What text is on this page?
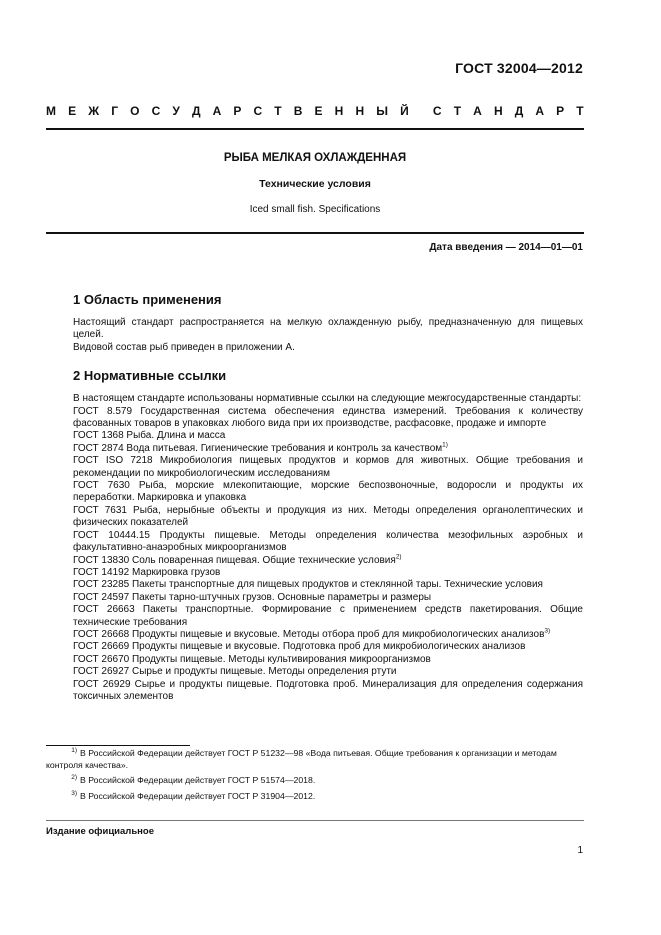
ГОСТ 32004—2012
М Е Ж Г О С У Д А Р С Т В Е Н Н Ы Й С Т А Н Д А Р Т
РЫБА МЕЛКАЯ ОХЛАЖДЕННАЯ
Технические условия
Iced small fish. Specifications
Дата введения — 2014—01—01
1 Область применения

Настоящий стандарт распространяется на мелкую охлажденную рыбу, предназначенную для пищевых целей.

Видовой состав рыб приведен в приложении А.

2 Нормативные ссылки

В настоящем стандарте использованы нормативные ссылки на следующие межгосударственные стандарты:

ГОСТ 8.579 Государственная система обеспечения единства измерений. Требования к количеству фасованных товаров в упаковках любого вида при их производстве, расфасовке, продаже и импорте

ГОСТ 1368 Рыба. Длина и масса

ГОСТ 2874 Вода питьевая. Гигиенические требования и контроль за качеством$^{1)}$

ГОСТ ISO 7218 Микробиология пищевых продуктов и кормов для животных. Общие требования и рекомендации по микробиологическим исследованиям

ГОСТ 7630 Рыба, морские млекопитающие, морские беспозвоночные, водоросли и продукты их переработки. Маркировка и упаковка

ГОСТ 7631 Рыба, нерыбные объекты и продукция из них. Методы определения органолептических и физических показателей

ГОСТ 10444.15 Продукты пищевые. Методы определения количества мезофильных аэробных и факультативно-анаэробных микроорганизмов

ГОСТ 13830 Соль поваренная пищевая. Общие технические условия$^{2)}$

ГОСТ 14192 Маркировка грузов

ГОСТ 23285 Пакеты транспортные для пищевых продуктов и стеклянной тары. Технические условия

ГОСТ 24597 Пакеты тарно-штучных грузов. Основные параметры и размеры

ГОСТ 26663 Пакеты транспортные. Формирование с применением средств пакетирования. Общие технические требования

ГОСТ 26668 Продукты пищевые и вкусовые. Методы отбора проб для микробиологических анализов$^{3)}$

ГОСТ 26669 Продукты пищевые и вкусовые. Подготовка проб для микробиологических анализов

ГОСТ 26670 Продукты пищевые. Методы культивирования микроорганизмов

ГОСТ 26927 Сырье и продукты пищевые. Методы определения ртути

ГОСТ 26929 Сырье и продукты пищевые. Подготовка проб. Минерализация для определения содержания токсичных элементов

1) В Российской Федерации действует ГОСТ Р 51232—98 «Вода питьевая. Общие требования к организации и методам контроля качества».

2) В Российской Федерации действует ГОСТ Р 51574—2018.

3) В Российской Федерации действует ГОСТ Р 31904—2012.

Издание официальное
1
